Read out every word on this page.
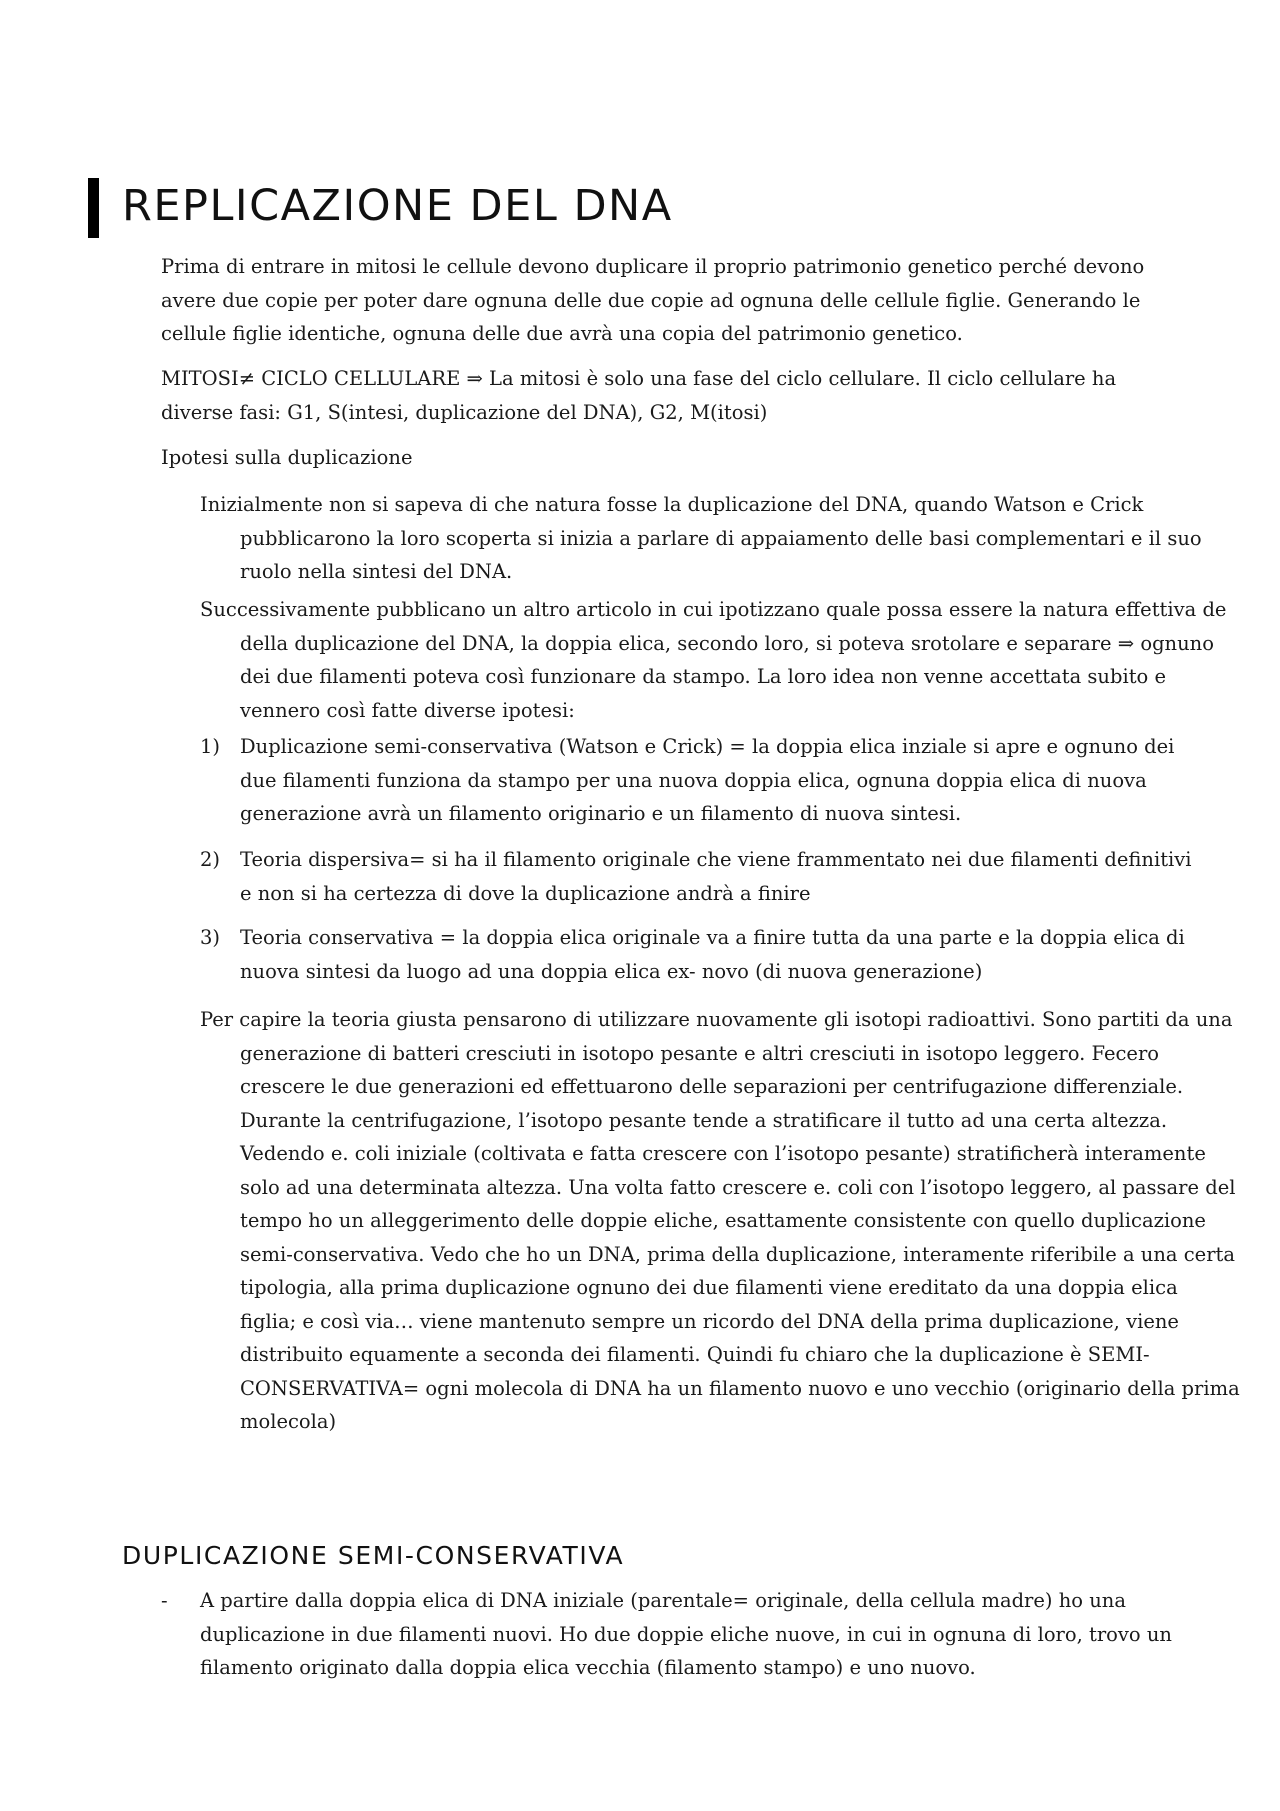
REPLICAZIONE DEL DNA

Prima di entrare in mitosi le cellule devono duplicare il proprio patrimonio genetico perché devono avere due copie per poter dare ognuna delle due copie ad ognuna delle cellule figlie. Generando le cellule figlie identiche, ognuna delle due avrà una copia del patrimonio genetico.

MITOSI≠ CICLO CELLULARE ⇒ La mitosi è solo una fase del ciclo cellulare. Il ciclo cellulare ha diverse fasi: G1, S(intesi, duplicazione del DNA), G2, M(itosi)

Ipotesi sulla duplicazione

Inizialmente non si sapeva di che natura fosse la duplicazione del DNA, quando Watson e Crick pubblicarono la loro scoperta si inizia a parlare di appaiamento delle basi complementari e il suo ruolo nella sintesi del DNA.

Successivamente pubblicano un altro articolo in cui ipotizzano quale possa essere la natura effettiva de della duplicazione del DNA, la doppia elica, secondo loro, si poteva srotolare e separare ⇒ ognuno dei due filamenti poteva così funzionare da stampo. La loro idea non venne accettata subito e vennero così fatte diverse ipotesi:

1)	Duplicazione semi-conservativa (Watson e Crick) = la doppia elica inziale si apre e ognuno dei due filamenti funziona da stampo per una nuova doppia elica, ognuna doppia elica di nuova generazione avrà un filamento originario e un filamento di nuova sintesi.
2)	Teoria dispersiva= si ha il filamento originale che viene frammentato nei due filamenti definitivi e non si ha certezza di dove la duplicazione andrà a finire
3)	Teoria conservativa = la doppia elica originale va a finire tutta da una parte e la doppia elica di nuova sintesi da luogo ad una doppia elica ex- novo (di nuova generazione)

Per capire la teoria giusta pensarono di utilizzare nuovamente gli isotopi radioattivi. Sono partiti da una generazione di batteri cresciuti in isotopo pesante e altri cresciuti in isotopo leggero. Fecero crescere le due generazioni ed effettuarono delle separazioni per centrifugazione differenziale. Durante la centrifugazione, l’isotopo pesante tende a stratificare il tutto ad una certa altezza. Vedendo e. coli iniziale (coltivata e fatta crescere con l’isotopo pesante) stratificherà interamente solo ad una determinata altezza. Una volta fatto crescere e. coli con l’isotopo leggero, al passare del tempo ho un alleggerimento delle doppie eliche, esattamente consistente con quello duplicazione semi-conservativa. Vedo che ho un DNA, prima della duplicazione, interamente riferibile a una certa tipologia, alla prima duplicazione ognuno dei due filamenti viene ereditato da una doppia elica figlia; e così via… viene mantenuto sempre un ricordo del DNA della prima duplicazione, viene distribuito equamente a seconda dei filamenti. Quindi fu chiaro che la duplicazione è SEMI-CONSERVATIVA= ogni molecola di DNA ha un filamento nuovo e uno vecchio (originario della prima molecola)

DUPLICAZIONE SEMI-CONSERVATIVA
-	A partire dalla doppia elica di DNA iniziale (parentale= originale, della cellula madre) ho una duplicazione in due filamenti nuovi. Ho due doppie eliche nuove, in cui in ognuna di loro, trovo un filamento originato dalla doppia elica vecchia (filamento stampo) e uno nuovo.
